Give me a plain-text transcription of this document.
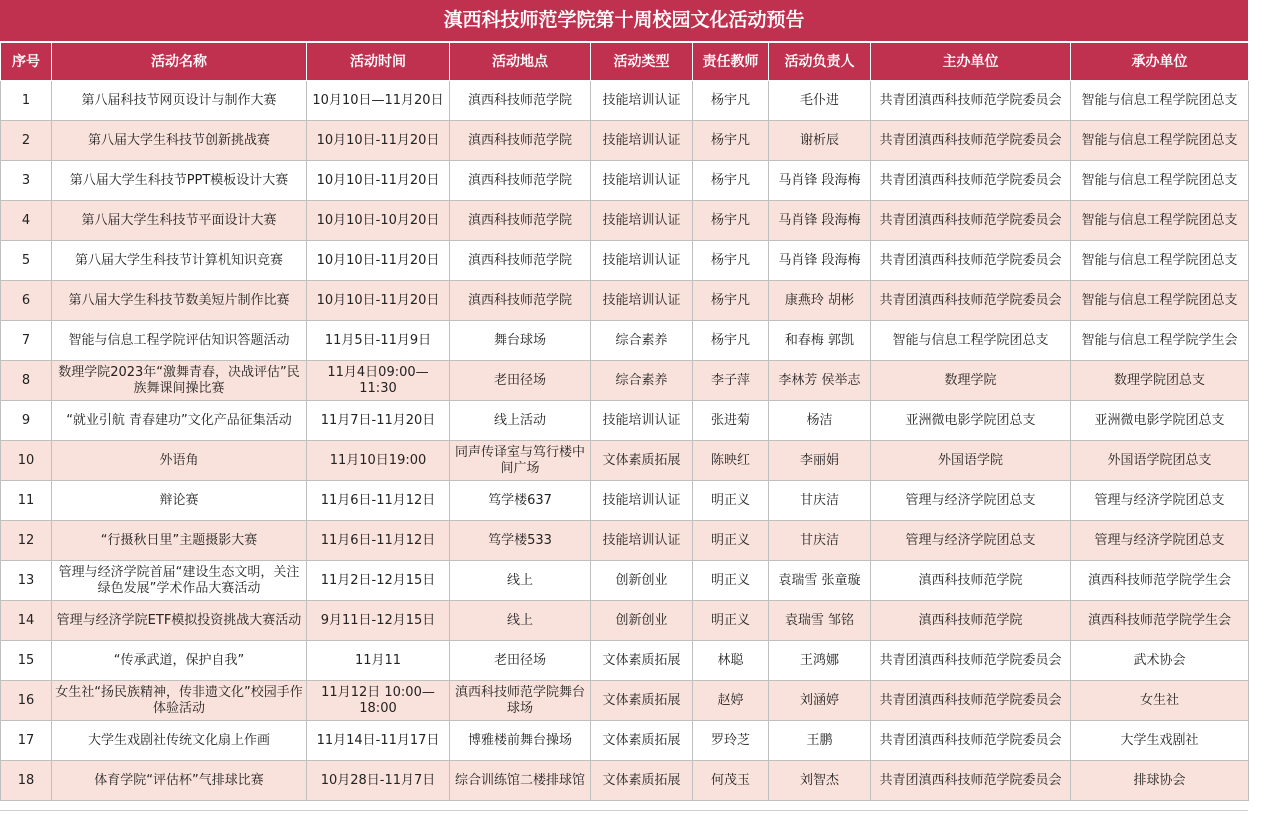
滇西科技师范学院第十周校园文化活动预告
序号	活动名称	活动时间	活动地点	活动类型	责任教师	活动负责人	主办单位	承办单位
1	第八届科技节网页设计与制作大赛	10月10日—11月20日	滇西科技师范学院	技能培训认证	杨宇凡	毛仆进	共青团滇西科技师范学院委员会	智能与信息工程学院团总支
2	第八届大学生科技节创新挑战赛	10月10日-11月20日	滇西科技师范学院	技能培训认证	杨宇凡	谢析辰	共青团滇西科技师范学院委员会	智能与信息工程学院团总支
3	第八届大学生科技节PPT模板设计大赛	10月10日-11月20日	滇西科技师范学院	技能培训认证	杨宇凡	马肖锋 段海梅	共青团滇西科技师范学院委员会	智能与信息工程学院团总支
4	第八届大学生科技节平面设计大赛	10月10日-10月20日	滇西科技师范学院	技能培训认证	杨宇凡	马肖锋 段海梅	共青团滇西科技师范学院委员会	智能与信息工程学院团总支
5	第八届大学生科技节计算机知识竞赛	10月10日-11月20日	滇西科技师范学院	技能培训认证	杨宇凡	马肖锋 段海梅	共青团滇西科技师范学院委员会	智能与信息工程学院团总支
6	第八届大学生科技节数美短片制作比赛	10月10日-11月20日	滇西科技师范学院	技能培训认证	杨宇凡	康燕玲 胡彬	共青团滇西科技师范学院委员会	智能与信息工程学院团总支
7	智能与信息工程学院评估知识答题活动	11月5日-11月9日	舞台球场	综合素养	杨宇凡	和春梅 郭凯	智能与信息工程学院团总支	智能与信息工程学院学生会
8	数理学院2023年“激舞青春，决战评估”民族舞课间操比赛	11月4日09:00—11:30	老田径场	综合素养	李子萍	李林芳 侯举志	数理学院	数理学院团总支
9	“就业引航 青春建功”文化产品征集活动	11月7日-11月20日	线上活动	技能培训认证	张进菊	杨洁	亚洲微电影学院团总支	亚洲微电影学院团总支
10	外语角	11月10日19:00	同声传译室与笃行楼中间广场	文体素质拓展	陈映红	李丽娟	外国语学院	外国语学院团总支
11	辩论赛	11月6日-11月12日	笃学楼637	技能培训认证	明正义	甘庆洁	管理与经济学院团总支	管理与经济学院团总支
12	“行摄秋日里”主题摄影大赛	11月6日-11月12日	笃学楼533	技能培训认证	明正义	甘庆洁	管理与经济学院团总支	管理与经济学院团总支
13	管理与经济学院首届“建设生态文明，关注绿色发展”学术作品大赛活动	11月2日-12月15日	线上	创新创业	明正义	袁瑞雪 张童璇	滇西科技师范学院	滇西科技师范学院学生会
14	管理与经济学院ETF模拟投资挑战大赛活动	9月11日-12月15日	线上	创新创业	明正义	袁瑞雪 邹铭	滇西科技师范学院	滇西科技师范学院学生会
15	“传承武道，保护自我”	11月11	老田径场	文体素质拓展	林聪	王鸿娜	共青团滇西科技师范学院委员会	武术协会
16	女生社“扬民族精神，传非遗文化”校园手作体验活动	11月12日 10:00—18:00	滇西科技师范学院舞台球场	文体素质拓展	赵婷	刘涵婷	共青团滇西科技师范学院委员会	女生社
17	大学生戏剧社传统文化扇上作画	11月14日-11月17日	博雅楼前舞台操场	文体素质拓展	罗玲芝	王鹏	共青团滇西科技师范学院委员会	大学生戏剧社
18	体育学院“评估杯”气排球比赛	10月28日-11月7日	综合训练馆二楼排球馆	文体素质拓展	何茂玉	刘智杰	共青团滇西科技师范学院委员会	排球协会
